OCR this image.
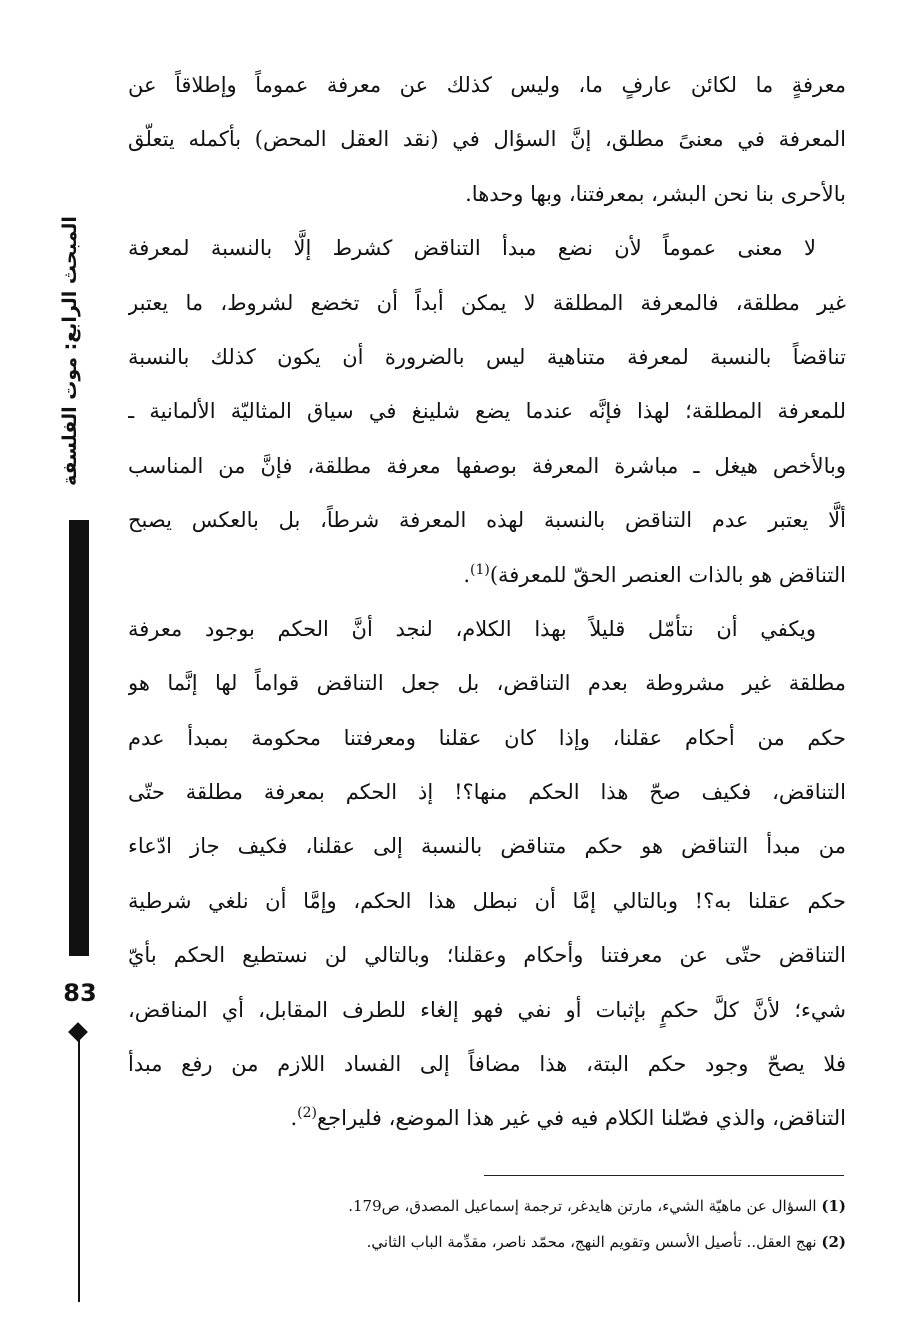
المبحث الرابع: موت الفلسفة
83
معرفةٍ ما لكائن عارفٍ ما، وليس كذلك عن معرفة عموماً وإطلاقاً عن
المعرفة في معنىً مطلق، إنَّ السؤال في (نقد العقل المحض) بأكمله يتعلّق
بالأحرى بنا نحن البشر، بمعرفتنا، وبها وحدها.
لا معنى عموماً لأن نضع مبدأ التناقض كشرط إلَّا بالنسبة لمعرفة
غير مطلقة، فالمعرفة المطلقة لا يمكن أبداً أن تخضع لشروط، ما يعتبر
تناقضاً بالنسبة لمعرفة متناهية ليس بالضرورة أن يكون كذلك بالنسبة
للمعرفة المطلقة؛ لهذا فإنَّه عندما يضع شلينغ في سياق المثاليّة الألمانية ـ
وبالأخص هيغل ـ مباشرة المعرفة بوصفها معرفة مطلقة، فإنَّ من المناسب
ألَّا يعتبر عدم التناقض بالنسبة لهذه المعرفة شرطاً، بل بالعكس يصبح
التناقض هو بالذات العنصر الحقّ للمعرفة)$^{(1)}$.
ويكفي أن نتأمّل قليلاً بهذا الكلام، لنجد أنَّ الحكم بوجود معرفة
مطلقة غير مشروطة بعدم التناقض، بل جعل التناقض قواماً لها إنَّما هو
حكم من أحكام عقلنا، وإذا كان عقلنا ومعرفتنا محكومة بمبدأ عدم
التناقض، فكيف صحّ هذا الحكم منها؟! إذ الحكم بمعرفة مطلقة حتّى
من مبدأ التناقض هو حكم متناقض بالنسبة إلى عقلنا، فكيف جاز ادّعاء
حكم عقلنا به؟! وبالتالي إمَّا أن نبطل هذا الحكم، وإمَّا أن نلغي شرطية
التناقض حتّى عن معرفتنا وأحكام وعقلنا؛ وبالتالي لن نستطيع الحكم بأيّ
شيء؛ لأنَّ كلَّ حكمٍ بإثبات أو نفي فهو إلغاء للطرف المقابل، أي المناقض،
فلا يصحّ وجود حكم البتة، هذا مضافاً إلى الفساد اللازم من رفع مبدأ
التناقض، والذي فصّلنا الكلام فيه في غير هذا الموضع، فليراجع$^{(2)}$.
(1) السؤال عن ماهيّة الشيء، مارتن هايدغر، ترجمة إسماعيل المصدق، ص179.
(2) نهج العقل.. تأصيل الأسس وتقويم النهج، محمّد ناصر، مقدِّمة الباب الثاني.
